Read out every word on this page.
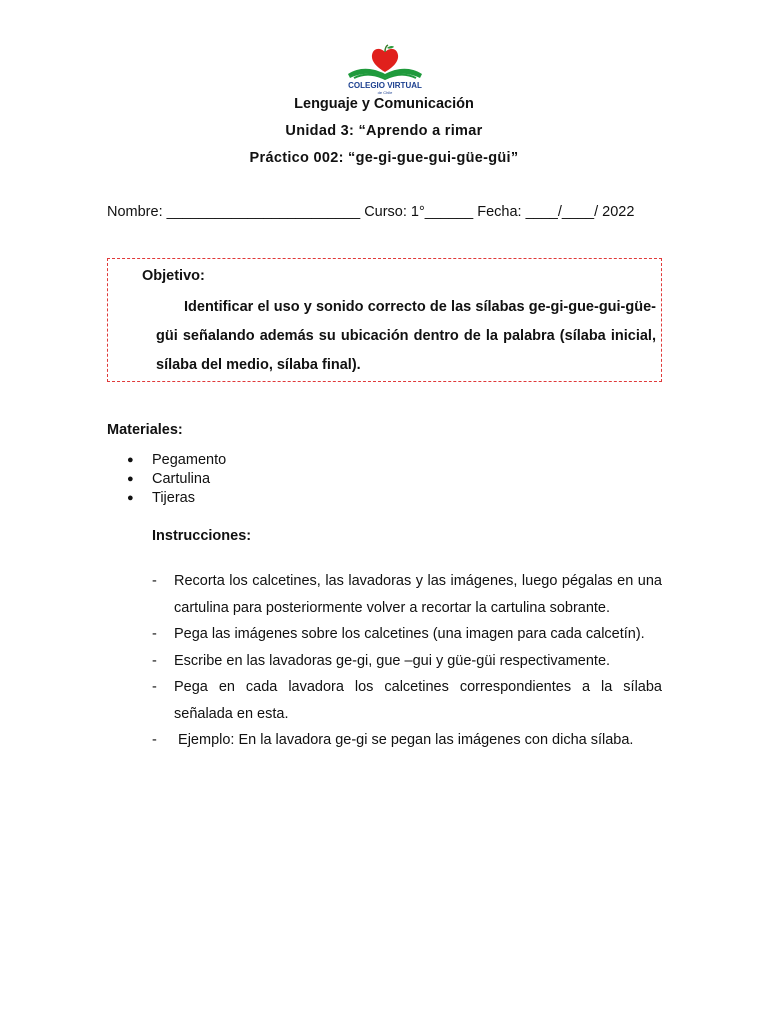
COLEGIO VIRTUAL
de Chile
Lenguaje y Comunicación
Unidad 3: “Aprendo a rimar
Práctico 002: “ge-gi-gue-gui-güe-güi”
Nombre: ________________________ Curso: 1°______ Fecha: ____/____/ 2022
Objetivo:
Identificar el uso y sonido correcto de las sílabas ge-gi-gue-gui-güe-güi señalando además su ubicación dentro de la palabra (sílaba inicial, sílaba del medio, sílaba final).
Materiales:
●	Pegamento
●	Cartulina
●	Tijeras
Instrucciones:
-	Recorta los calcetines, las lavadoras y las imágenes, luego pégalas en una cartulina para posteriormente volver a recortar la cartulina sobrante.
-	Pega las imágenes sobre los calcetines (una imagen para cada calcetín).
-	Escribe en las lavadoras ge-gi, gue –gui y güe-güi respectivamente.
-	Pega en cada lavadora los calcetines correspondientes a la sílaba señalada en esta.
-	Ejemplo: En la lavadora ge-gi se pegan las imágenes con dicha sílaba.
